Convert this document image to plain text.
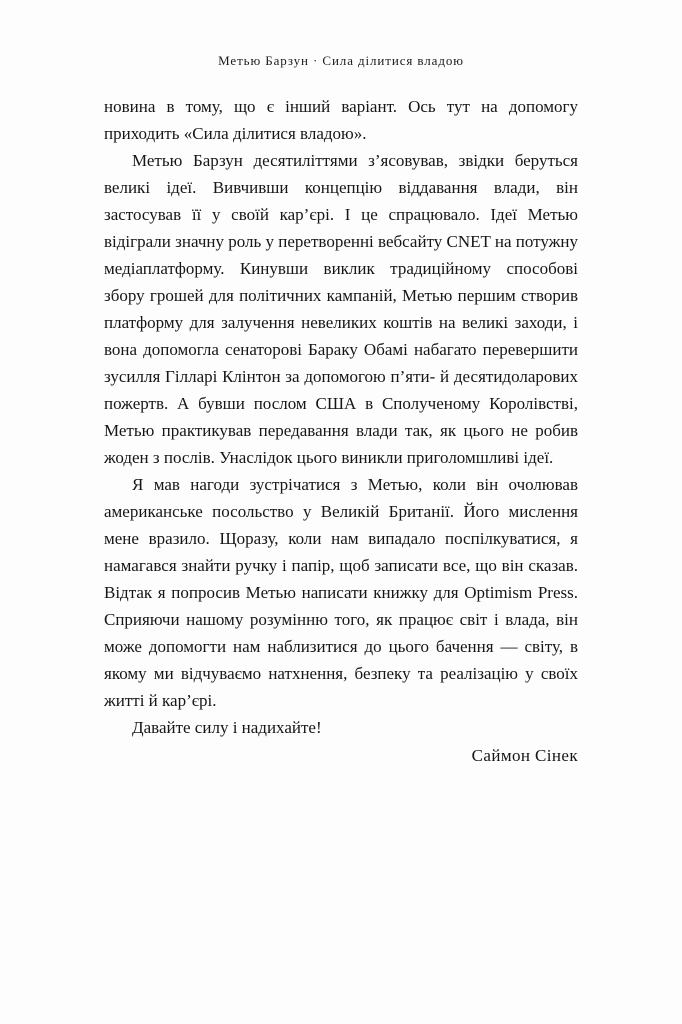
Метью Барзун · Сила ділитися владою

новина в тому, що є інший варіант. Ось тут на допомогу приходить «Сила ділитися владою».

Метью Барзун десятиліттями з’ясовував, звідки беруться великі ідеї. Вивчивши концепцію віддавання влади, він застосував її у своїй кар’єрі. І це спрацювало. Ідеї Метью відіграли значну роль у перетворенні вебсайту CNET на потужну медіаплатформу. Кинувши виклик традиційному способові збору грошей для політичних кампаній, Метью першим створив платформу для залучення невеликих коштів на великі заходи, і вона допомогла сенаторові Бараку Обамі набагато перевершити зусилля Гілларі Клінтон за допомогою п’яти- й десятидоларових пожертв. А бувши послом США в Сполученому Королівстві, Метью практикував передавання влади так, як цього не робив жоден з послів. Унаслідок цього виникли приголомшливі ідеї.

Я мав нагоди зустрічатися з Метью, коли він очолював американське посольство у Великій Британії. Його мислення мене вразило. Щоразу, коли нам випадало поспілкуватися, я намагався знайти ручку і папір, щоб записати все, що він сказав. Відтак я попросив Метью написати книжку для Optimism Press. Сприяючи нашому розумінню того, як працює світ і влада, він може допомогти нам наблизитися до цього бачення — світу, в якому ми відчуваємо натхнення, безпеку та реалізацію у своїх житті й кар’єрі.

Давайте силу і надихайте!

Саймон Сінек
